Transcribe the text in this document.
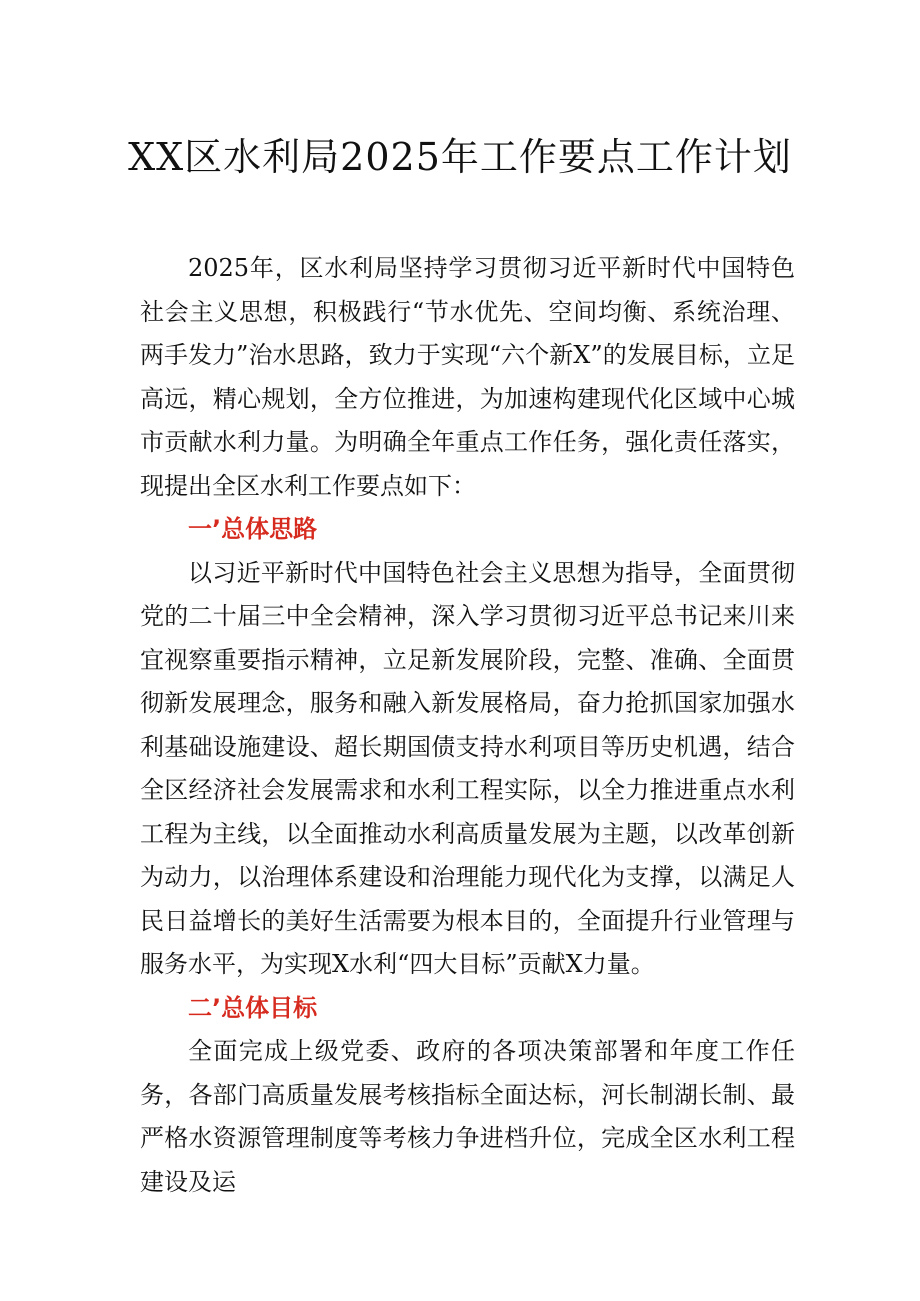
XX区水利局2025年工作要点工作计划

2025年，区水利局坚持学习贯彻习近平新时代中国特色社会主义思想，积极践行“节水优先、空间均衡、系统治理、两手发力”治水思路，致力于实现“六个新X”的发展目标，立足高远，精心规划，全方位推进，为加速构建现代化区域中心城市贡献水利力量。为明确全年重点工作任务，强化责任落实，现提出全区水利工作要点如下：

一’总体思路

以习近平新时代中国特色社会主义思想为指导，全面贯彻党的二十届三中全会精神，深入学习贯彻习近平总书记来川来宜视察重要指示精神，立足新发展阶段，完整、准确、全面贯彻新发展理念，服务和融入新发展格局，奋力抢抓国家加强水利基础设施建设、超长期国债支持水利项目等历史机遇，结合全区经济社会发展需求和水利工程实际，以全力推进重点水利工程为主线，以全面推动水利高质量发展为主题，以改革创新为动力，以治理体系建设和治理能力现代化为支撑，以满足人民日益增长的美好生活需要为根本目的，全面提升行业管理与服务水平，为实现X水利“四大目标”贡献X力量。

二’总体目标

全面完成上级党委、政府的各项决策部署和年度工作任务，各部门高质量发展考核指标全面达标，河长制湖长制、最严格水资源管理制度等考核力争进档升位，完成全区水利工程建设及运
